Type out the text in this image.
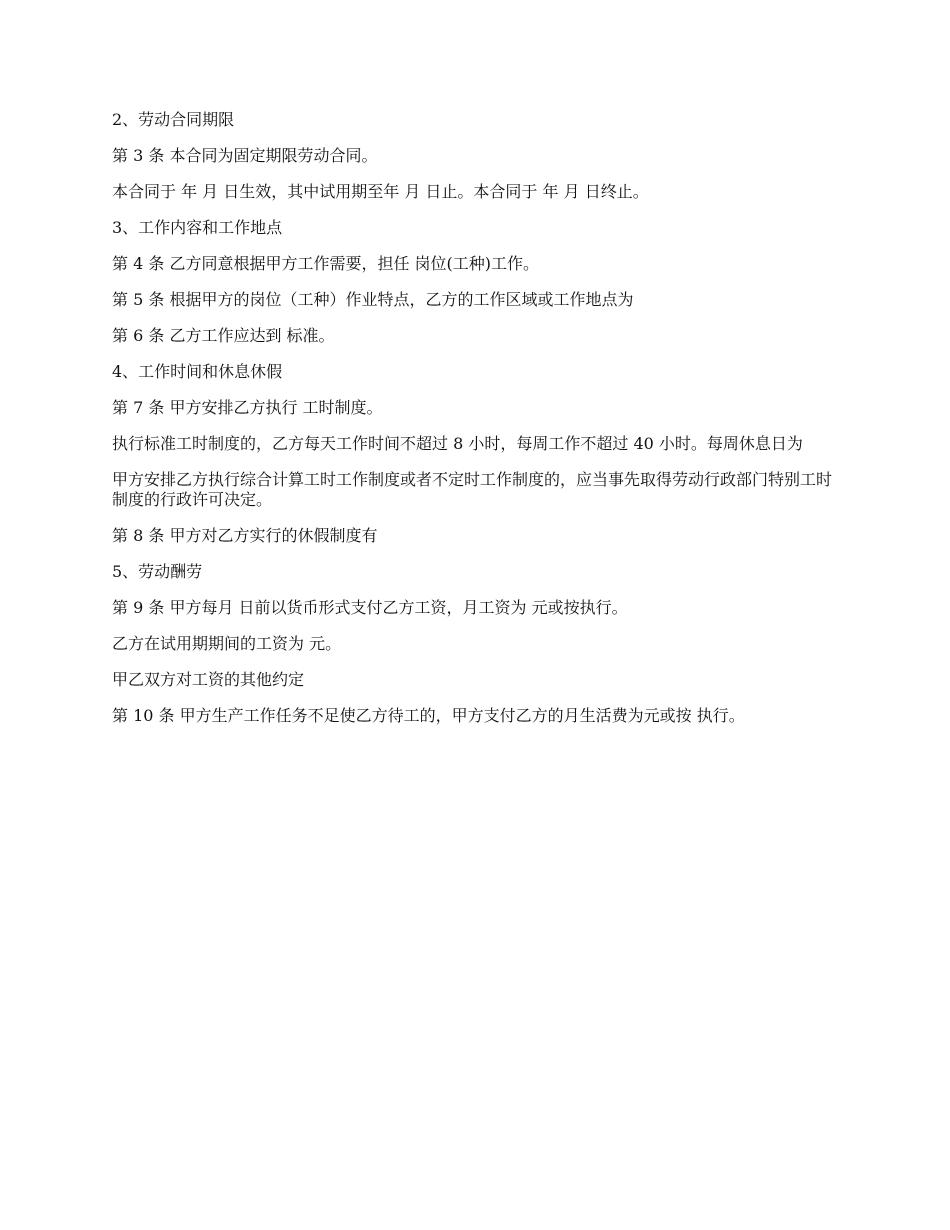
2、劳动合同期限

第 3 条 本合同为固定期限劳动合同。

本合同于 年 月 日生效，其中试用期至年 月 日止。本合同于 年 月 日终止。

3、工作内容和工作地点

第 4 条 乙方同意根据甲方工作需要，担任 岗位(工种)工作。

第 5 条 根据甲方的岗位（工种）作业特点，乙方的工作区域或工作地点为

第 6 条 乙方工作应达到 标准。

4、工作时间和休息休假

第 7 条 甲方安排乙方执行 工时制度。

执行标准工时制度的，乙方每天工作时间不超过 8 小时，每周工作不超过 40 小时。每周休息日为

甲方安排乙方执行综合计算工时工作制度或者不定时工作制度的，应当事先取得劳动行政部门特别工时制度的行政许可决定。

第 8 条 甲方对乙方实行的休假制度有

5、劳动酬劳

第 9 条 甲方每月 日前以货币形式支付乙方工资，月工资为 元或按执行。

乙方在试用期期间的工资为 元。

甲乙双方对工资的其他约定

第 10 条 甲方生产工作任务不足使乙方待工的，甲方支付乙方的月生活费为元或按 执行。
